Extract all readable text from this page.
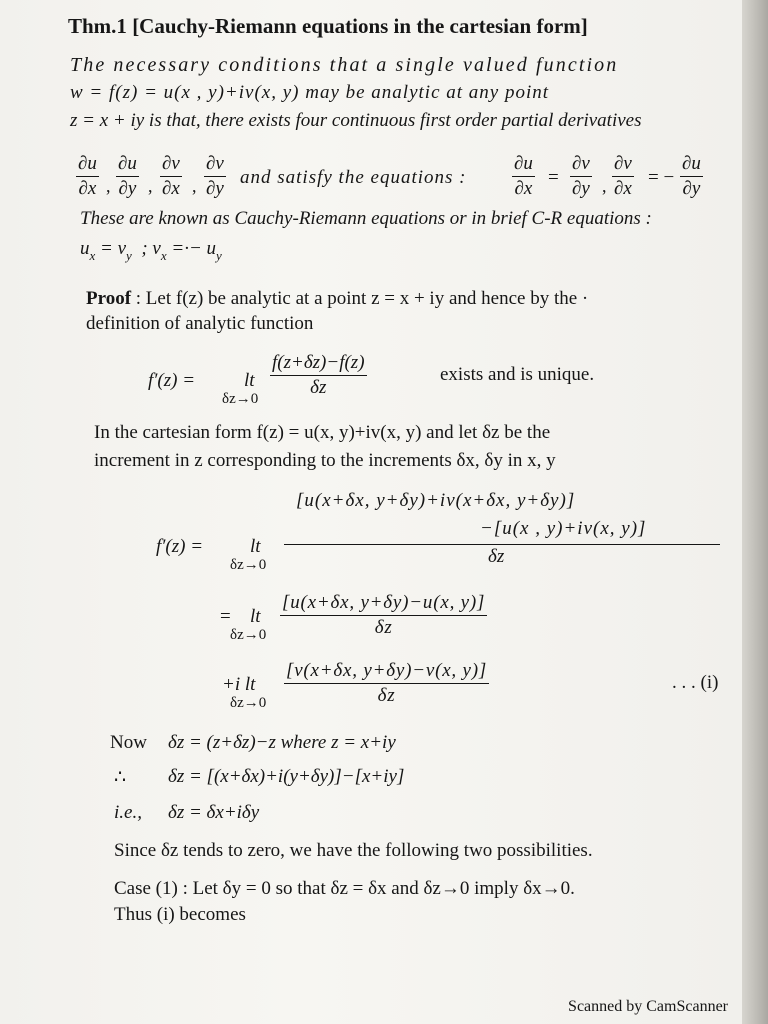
Thm.1 [Cauchy-Riemann equations in the cartesian form]
The necessary conditions that a single valued function
w = f(z) = u(x , y)+iv(x, y) may be analytic at any point
z = x + iy is that, there exists four continuous first order partial derivatives
∂u
∂x ,
∂u
∂y ,
∂v
∂x ,
∂v
∂y
and satisfy the equations :
∂u
∂x
=
∂v
∂y ,
∂v
∂x
= −
∂u
∂y
These are known as Cauchy-Riemann equations or in brief C-R equations :
$u_x = v_y$  ; $v_x$ =·− $u_y$
Proof : Let f(z) be analytic at a point z = x + iy and hence by the ·
definition of analytic function
f′(z) =	lt
δz→0
f(z+δz)−f(z)
δz
exists and is unique.
In the cartesian form f(z) = u(x, y)+iv(x, y) and let δz be the
increment in z corresponding to the increments δx, δy in x, y
[u(x+δx, y+δy)+iv(x+δx, y+δy)]
−[u(x , y)+iv(x, y)]
δz
f′(z) = lt
δz→0
= lt
δz→0
[u(x+δx, y+δy)−u(x, y)]
δz
+i lt
δz→0
[v(x+δx, y+δy)−v(x, y)]
δz
. . . (i)
Now δz = (z+δz)−z where z = x+iy
∴ δz = [(x+δx)+i(y+δy)]−[x+iy]
i.e., δz = δx+iδy
Since δz tends to zero, we have the following two possibilities.
Case (1) : Let δy = 0 so that δz = δx and δz→0 imply δx→0.
Thus (i) becomes
Scanned by CamScanner
